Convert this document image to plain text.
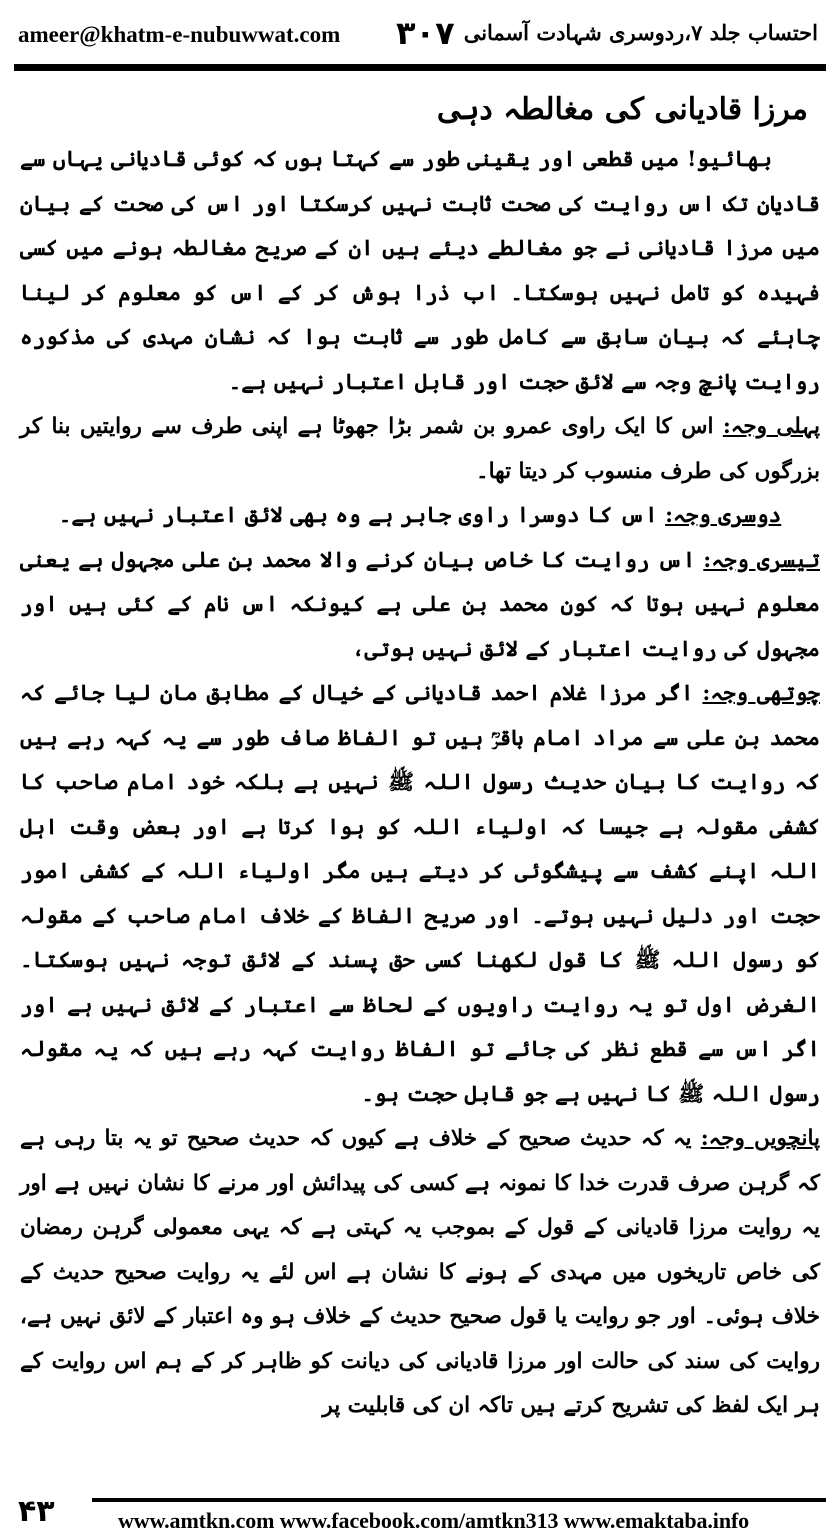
ameer@khatm-e-nubuwwat.com ۳۰۷ احتساب جلد ۷،ردوسری شہادت آسمانی
مرزا قادیانی کی مغالطہ دہی

بھائیو! میں قطعی اور یقینی طور سے کہتا ہوں کہ کوئی قادیانی یہاں سے قادیان تک اس روایت کی صحت ثابت نہیں کرسکتا اور اس کی صحت کے بیان میں مرزا قادیانی نے جو مغالطے دیئے ہیں ان کے صریح مغالطہ ہونے میں کسی فہیدہ کو تامل نہیں ہوسکتا۔ اب ذرا ہوش کر کے اس کو معلوم کر لینا چاہئے کہ بیان سابق سے کامل طور سے ثابت ہوا کہ نشان مہدی کی مذکورہ روایت پانچ وجہ سے لائق حجت اور قابل اعتبار نہیں ہے۔

پہلی وجہ: اس کا ایک راوی عمرو بن شمر بڑا جھوٹا ہے اپنی طرف سے روایتیں بنا کر بزرگوں کی طرف منسوب کر دیتا تھا۔

دوسری وجہ: اس کا دوسرا راوی جابر ہے وہ بھی لائق اعتبار نہیں ہے۔

تیسری وجہ: اس روایت کا خاص بیان کرنے والا محمد بن علی مجہول ہے یعنی معلوم نہیں ہوتا کہ کون محمد بن علی ہے کیونکہ اس نام کے کئی ہیں اور مجہول کی روایت اعتبار کے لائق نہیں ہوتی،

چوتھی وجہ: اگر مرزا غلام احمد قادیانی کے خیال کے مطابق مان لیا جائے کہ محمد بن علی سے مراد امام باقرؒ ہیں تو الفاظ صاف طور سے یہ کہہ رہے ہیں کہ روایت کا بیان حدیث رسول اللہ ﷺ نہیں ہے بلکہ خود امام صاحب کا کشفی مقولہ ہے جیسا کہ اولیاء اللہ کو ہوا کرتا ہے اور بعض وقت اہل اللہ اپنے کشف سے پیشگوئی کر دیتے ہیں مگر اولیاء اللہ کے کشفی امور حجت اور دلیل نہیں ہوتے۔ اور صریح الفاظ کے خلاف امام صاحب کے مقولہ کو رسول اللہ ﷺ کا قول لکھنا کسی حق پسند کے لائق توجہ نہیں ہوسکتا۔ الغرض اول تو یہ روایت راویوں کے لحاظ سے اعتبار کے لائق نہیں ہے اور اگر اس سے قطع نظر کی جائے تو الفاظ روایت کہہ رہے ہیں کہ یہ مقولہ رسول اللہ ﷺ کا نہیں ہے جو قابل حجت ہو۔

پانچویں وجہ: یہ کہ حدیث صحیح کے خلاف ہے کیوں کہ حدیث صحیح تو یہ بتا رہی ہے کہ گرہن صرف قدرت خدا کا نمونہ ہے کسی کی پیدائش اور مرنے کا نشان نہیں ہے اور یہ روایت مرزا قادیانی کے قول کے بموجب یہ کہتی ہے کہ یہی معمولی گرہن رمضان کی خاص تاریخوں میں مہدی کے ہونے کا نشان ہے اس لئے یہ روایت صحیح حدیث کے خلاف ہوئی۔ اور جو روایت یا قول صحیح حدیث کے خلاف ہو وہ اعتبار کے لائق نہیں ہے، روایت کی سند کی حالت اور مرزا قادیانی کی دیانت کو ظاہر کر کے ہم اس روایت کے ہر ایک لفظ کی تشریح کرتے ہیں تاکہ ان کی قابلیت پر

۴۳	www.amtkn.com www.facebook.com/amtkn313 www.emaktaba.info
